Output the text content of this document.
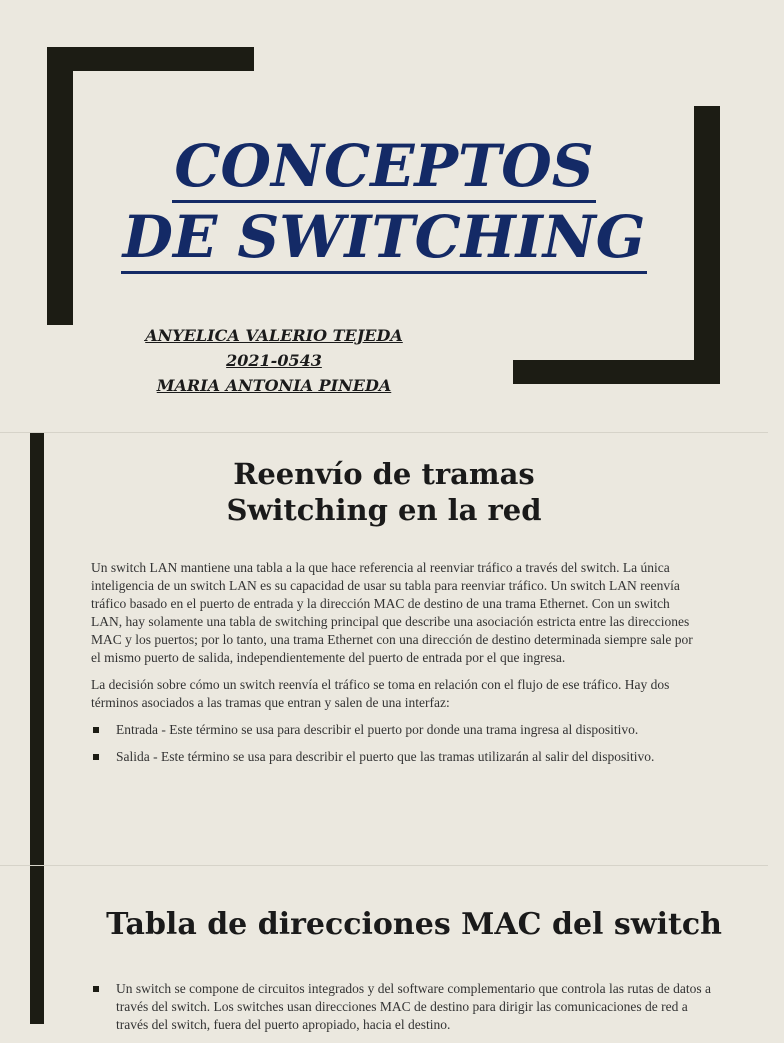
CONCEPTOS
DE SWITCHING
ANYELICA VALERIO TEJEDA
2021-0543
MARIA ANTONIA PINEDA
Reenvío de tramas
Switching en la red

Un switch LAN mantiene una tabla a la que hace referencia al reenviar tráfico a través del switch. La única inteligencia de un switch LAN es su capacidad de usar su tabla para reenviar tráfico. Un switch LAN reenvía tráfico basado en el puerto de entrada y la dirección MAC de destino de una trama Ethernet. Con un switch LAN, hay solamente una tabla de switching principal que describe una asociación estricta entre las direcciones MAC y los puertos; por lo tanto, una trama Ethernet con una dirección de destino determinada siempre sale por el mismo puerto de salida, independientemente del puerto de entrada por el que ingresa.

La decisión sobre cómo un switch reenvía el tráfico se toma en relación con el flujo de ese tráfico. Hay dos términos asociados a las tramas que entran y salen de una interfaz:

Entrada - Este término se usa para describir el puerto por donde una trama ingresa al dispositivo.
Salida - Este término se usa para describir el puerto que las tramas utilizarán al salir del dispositivo.
Tabla de direcciones MAC del switch
Un switch se compone de circuitos integrados y del software complementario que controla las rutas de datos a través del switch. Los switches usan direcciones MAC de destino para dirigir las comunicaciones de red a través del switch, fuera del puerto apropiado, hacia el destino.
